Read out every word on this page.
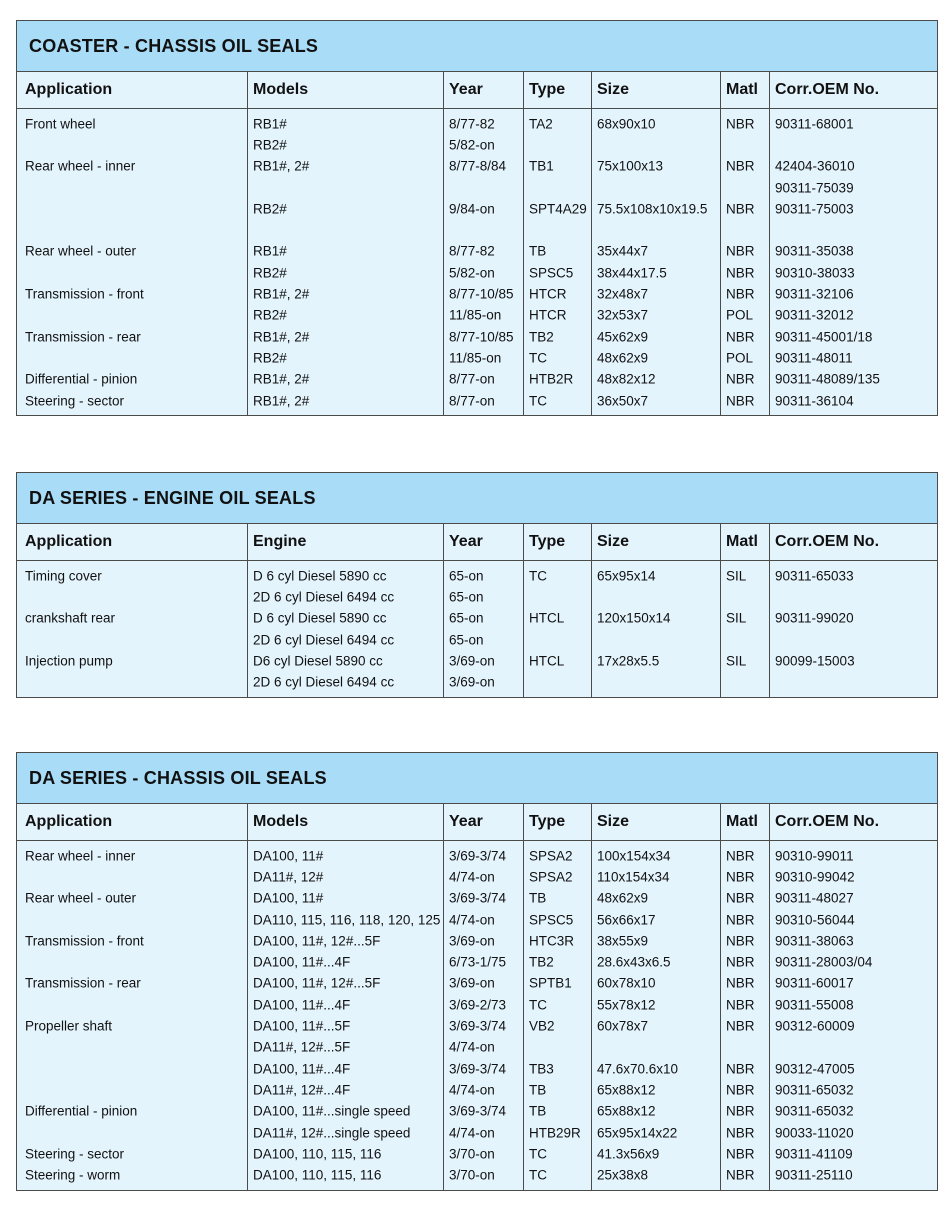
COASTER - CHASSIS OIL SEALS
Application	Models	Year	Type Size	Matl Corr.OEM No.
Front wheel	RB1#	8/77-82	TA2	68x90x10	NBR 90311-68001
RB2#	5/82-on
Rear wheel - inner	RB1#, 2#	8/77-8/84 TB1	75x100x13	NBR 42404-36010
90311-75039
RB2#	9/84-on	SPT4A29 75.5x108x10x19.5 NBR 90311-75003
Rear wheel - outer	RB1#	8/77-82	TB	35x44x7	NBR 90311-35038
RB2#	5/82-on	SPSC5 38x44x17.5	NBR 90310-38033
Transmission - front	RB1#, 2#	8/77-10/85 HTCR 32x48x7	NBR 90311-32106
RB2#	11/85-on HTCR 32x53x7	POL 90311-32012
Transmission - rear	RB1#, 2#	8/77-10/85 TB2	45x62x9	NBR 90311-45001/18
RB2#	11/85-on TC	48x62x9	POL 90311-48011
Differential - pinion	RB1#, 2#	8/77-on	HTB2R 48x82x12	NBR 90311-48089/135
Steering - sector	RB1#, 2#	8/77-on	TC	36x50x7	NBR 90311-36104
DA SERIES - ENGINE OIL SEALS
Application	Engine	Year	Type Size	Matl Corr.OEM No.
Timing cover	D 6 cyl Diesel 5890 cc	65-on	TC	65x95x14	SIL 90311-65033
2D 6 cyl Diesel 6494 cc	65-on
crankshaft rear	D 6 cyl Diesel 5890 cc	65-on	HTCL 120x150x14	SIL 90311-99020
2D 6 cyl Diesel 6494 cc	65-on
Injection pump	D6 cyl Diesel 5890 cc	3/69-on	HTCL 17x28x5.5	SIL 90099-15003
2D 6 cyl Diesel 6494 cc	3/69-on
DA SERIES - CHASSIS OIL SEALS
Application	Models	Year	Type Size	Matl Corr.OEM No.
Rear wheel - inner	DA100, 11#	3/69-3/74 SPSA2 100x154x34	NBR 90310-99011
DA11#, 12#	4/74-on	SPSA2 110x154x34	NBR 90310-99042
Rear wheel - outer	DA100, 11#	3/69-3/74 TB	48x62x9	NBR 90311-48027
DA110, 115, 116, 118, 120, 125 4/74-on	SPSC5 56x66x17	NBR 90310-56044
Transmission - front	DA100, 11#, 12#...5F	3/69-on	HTC3R 38x55x9	NBR 90311-38063
DA100, 11#...4F	6/73-1/75 TB2	28.6x43x6.5	NBR 90311-28003/04
Transmission - rear	DA100, 11#, 12#...5F	3/69-on	SPTB1 60x78x10	NBR 90311-60017
DA100, 11#...4F	3/69-2/73 TC	55x78x12	NBR 90311-55008
Propeller shaft	DA100, 11#...5F	3/69-3/74 VB2	60x78x7	NBR 90312-60009
DA11#, 12#...5F	4/74-on
DA100, 11#...4F	3/69-3/74 TB3	47.6x70.6x10	NBR 90312-47005
DA11#, 12#...4F	4/74-on	TB	65x88x12	NBR 90311-65032
Differential - pinion	DA100, 11#...single speed	3/69-3/74 TB	65x88x12	NBR 90311-65032
DA11#, 12#...single speed	4/74-on	HTB29R 65x95x14x22	NBR 90033-11020
Steering - sector	DA100, 110, 115, 116	3/70-on	TC	41.3x56x9	NBR 90311-41109
Steering - worm	DA100, 110, 115, 116	3/70-on	TC	25x38x8	NBR 90311-25110
